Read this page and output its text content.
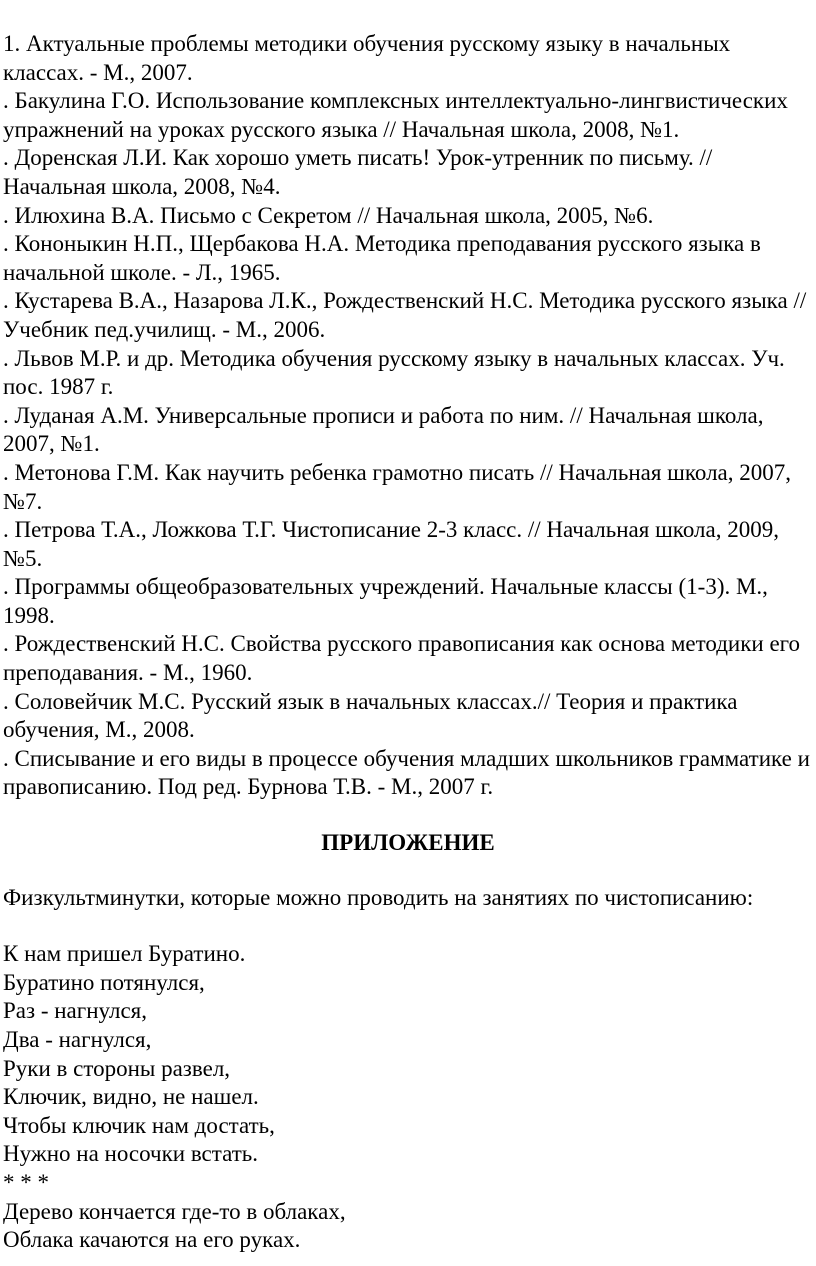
1. Актуальные проблемы методики обучения русскому языку в начальных классах. - М., 2007.

. Бакулина Г.О. Использование комплексных интеллектуально-лингвистических упражнений на уроках русского языка // Начальная школа, 2008, №1.

. Доренская Л.И. Как хорошо уметь писать! Урок-утренник по письму. // Начальная школа, 2008, №4.

. Илюхина В.А. Письмо с Секретом // Начальная школа, 2005, №6.

. Кононыкин Н.П., Щербакова Н.А. Методика преподавания русского языка в начальной школе. - Л., 1965.

. Кустарева В.А., Назарова Л.К., Рождественский Н.С. Методика русского языка // Учебник пед.училищ. - М., 2006.

. Львов М.Р. и др. Методика обучения русскому языку в начальных классах. Уч. пос. 1987 г.

. Луданая А.М. Универсальные прописи и работа по ним. // Начальная школа, 2007, №1.

. Метонова Г.М. Как научить ребенка грамотно писать // Начальная школа, 2007, №7.

. Петрова Т.А., Ложкова Т.Г. Чистописание 2-3 класс. // Начальная школа, 2009, №5.

. Программы общеобразовательных учреждений. Начальные классы (1-3). М., 1998.

. Рождественский Н.С. Свойства русского правописания как основа методики его преподавания. - М., 1960.

. Соловейчик М.С. Русский язык в начальных классах.// Теория и практика обучения, М., 2008.

. Списывание и его виды в процессе обучения младших школьников грамматике и правописанию. Под ред. Бурнова Т.В. - М., 2007 г.

ПРИЛОЖЕНИЕ

Физкультминутки, которые можно проводить на занятиях по чистописанию:

К нам пришел Буратино.

Буратино потянулся,

Раз - нагнулся,

Два - нагнулся,

Руки в стороны развел,

Ключик, видно, не нашел.

Чтобы ключик нам достать,

Нужно на носочки встать.

* * *

Дерево кончается где-то в облаках,

Облака качаются на его руках.
